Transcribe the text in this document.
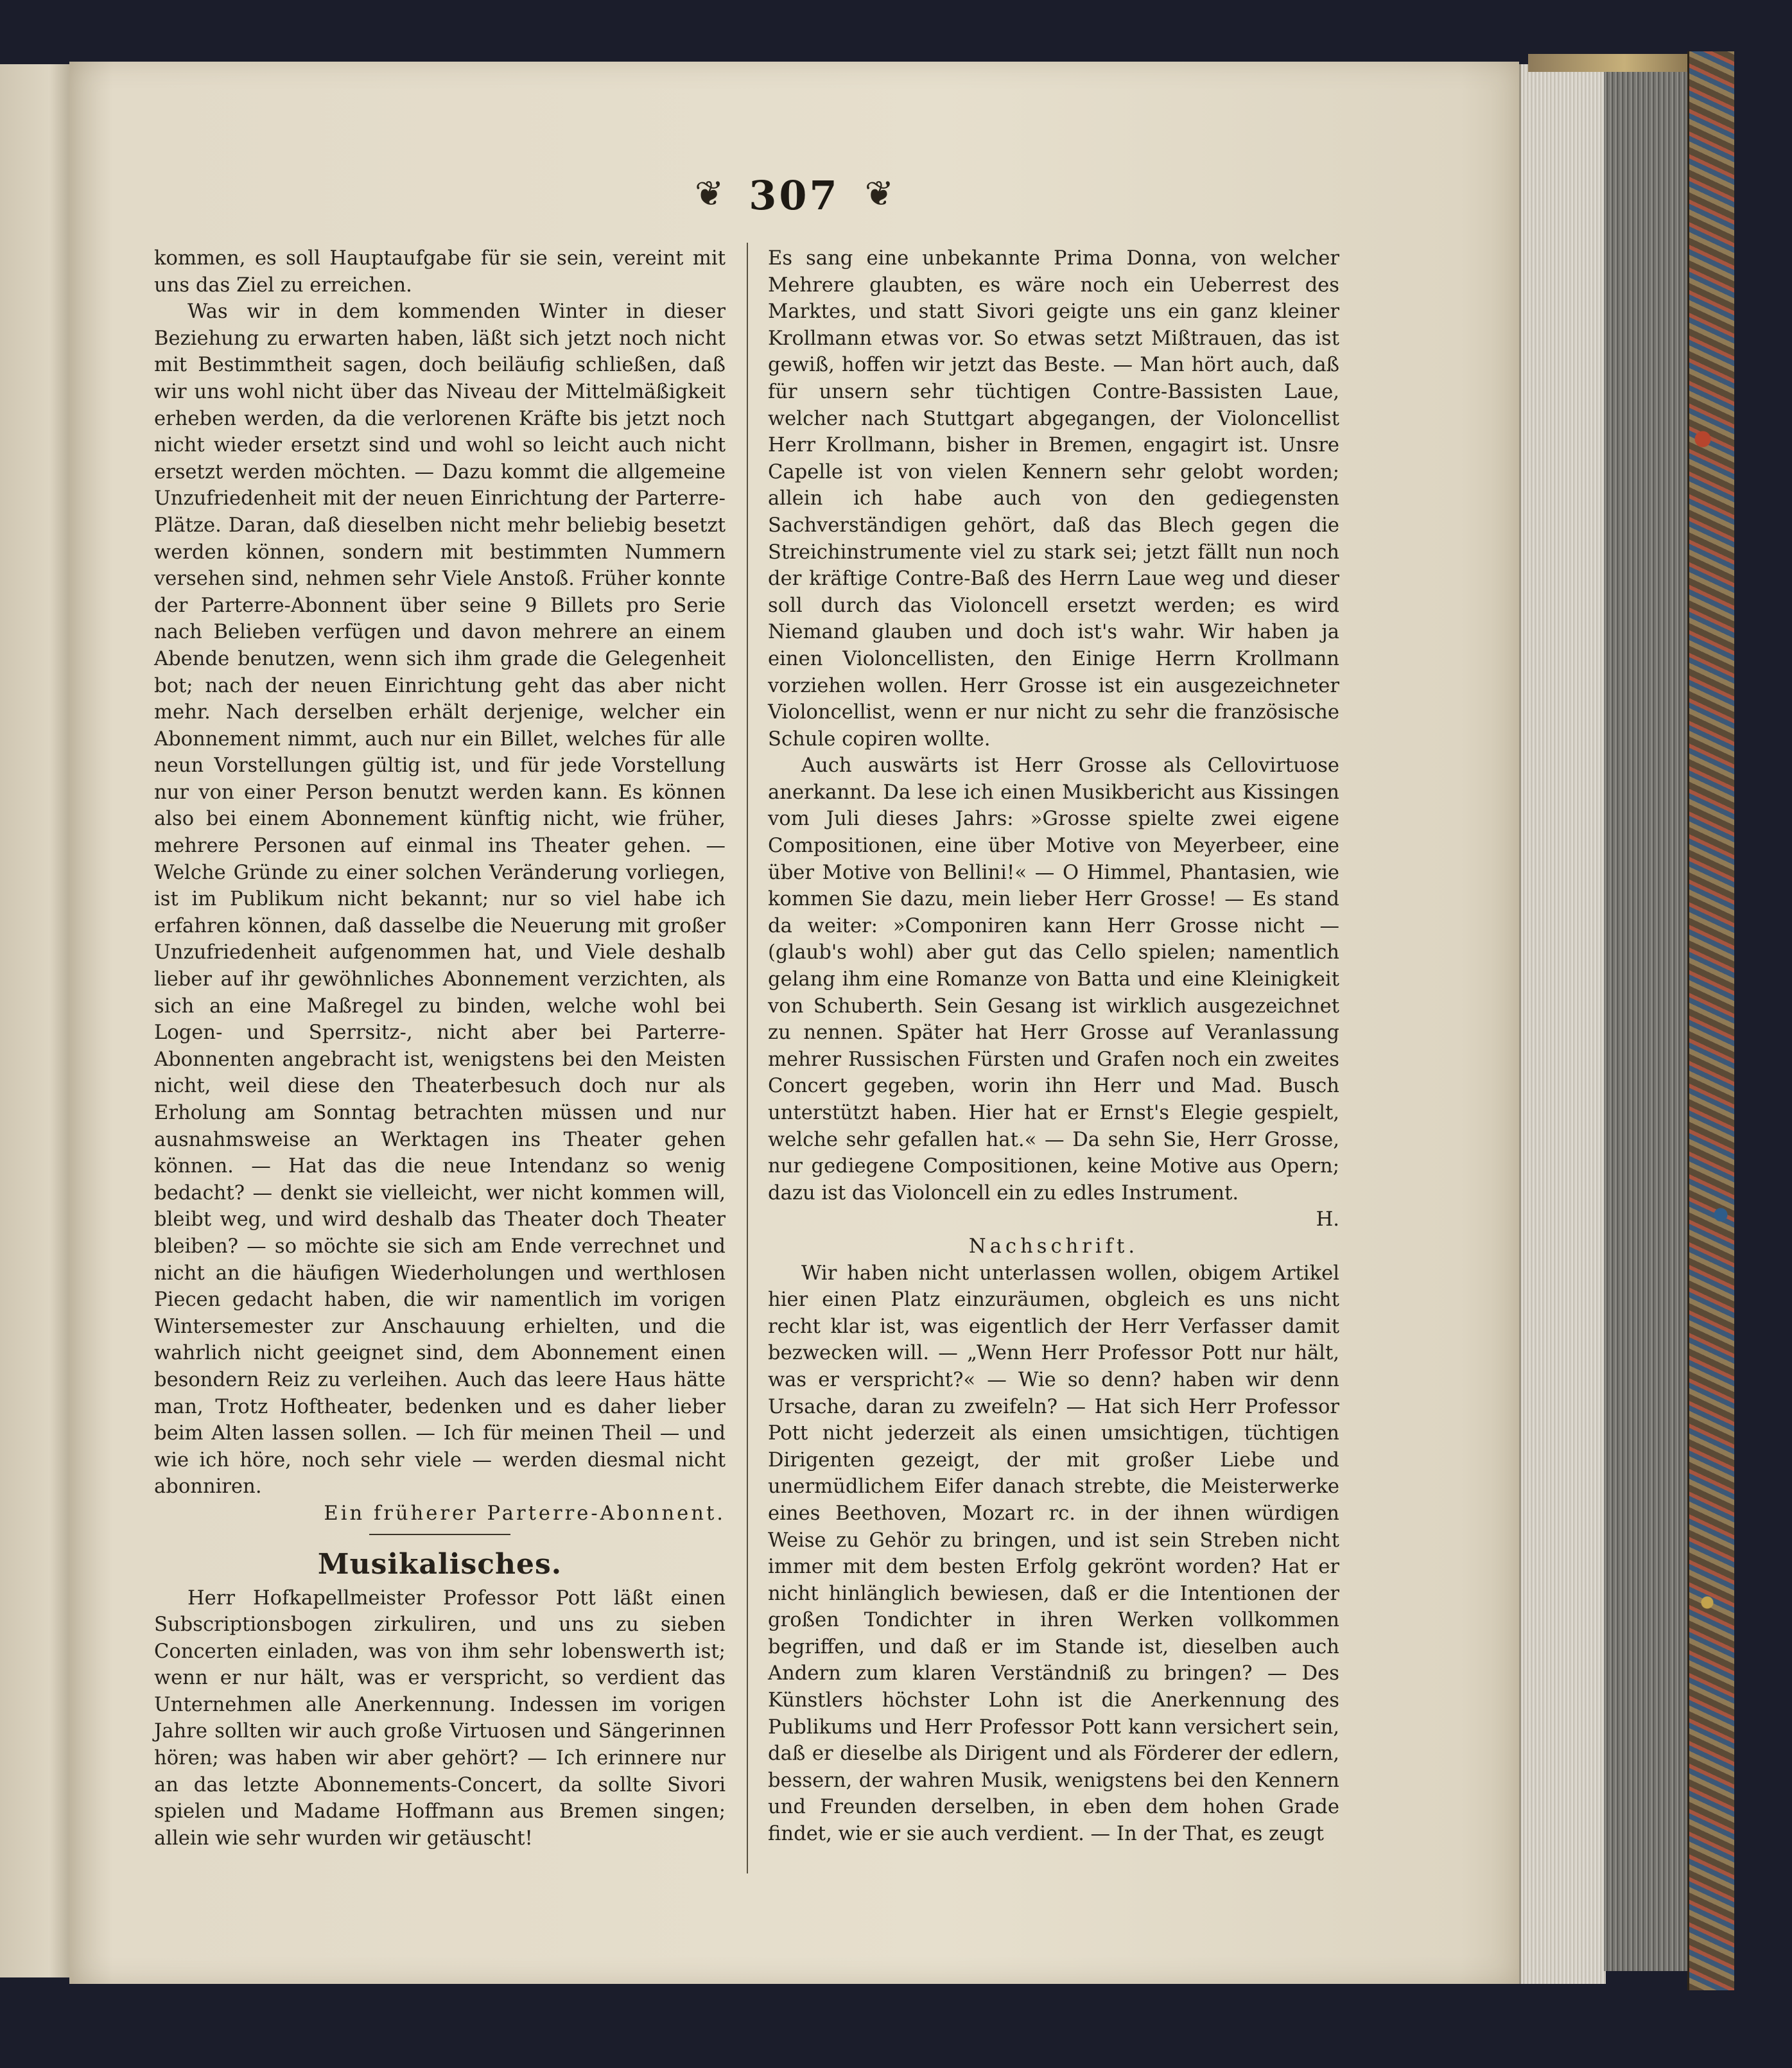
❦ 307 ❦

kommen, es soll Hauptaufgabe für sie sein, vereint mit uns das Ziel zu erreichen.

Was wir in dem kommenden Winter in dieser Beziehung zu erwarten haben, läßt sich jetzt noch nicht mit Bestimmtheit sagen, doch beiläufig schließen, daß wir uns wohl nicht über das Niveau der Mittelmäßigkeit erheben werden, da die verlorenen Kräfte bis jetzt noch nicht wieder ersetzt sind und wohl so leicht auch nicht ersetzt werden möchten. — Dazu kommt die allgemeine Unzufriedenheit mit der neuen Einrichtung der Parterre-Plätze. Daran, daß dieselben nicht mehr beliebig besetzt werden können, sondern mit bestimmten Nummern versehen sind, nehmen sehr Viele Anstoß. Früher konnte der Parterre-Abonnent über seine 9 Billets pro Serie nach Belieben verfügen und davon mehrere an einem Abende benutzen, wenn sich ihm grade die Gelegenheit bot; nach der neuen Einrichtung geht das aber nicht mehr. Nach derselben erhält derjenige, welcher ein Abonnement nimmt, auch nur ein Billet, welches für alle neun Vorstellungen gültig ist, und für jede Vorstellung nur von einer Person benutzt werden kann. Es können also bei einem Abonnement künftig nicht, wie früher, mehrere Personen auf einmal ins Theater gehen. — Welche Gründe zu einer solchen Veränderung vorliegen, ist im Publikum nicht bekannt; nur so viel habe ich erfahren können, daß dasselbe die Neuerung mit großer Unzufriedenheit aufgenommen hat, und Viele deshalb lieber auf ihr gewöhnliches Abonnement verzichten, als sich an eine Maßregel zu binden, welche wohl bei Logen- und Sperrsitz-, nicht aber bei Parterre-Abonnenten angebracht ist, wenigstens bei den Meisten nicht, weil diese den Theaterbesuch doch nur als Erholung am Sonntag betrachten müssen und nur ausnahmsweise an Werktagen ins Theater gehen können. — Hat das die neue Intendanz so wenig bedacht? — denkt sie vielleicht, wer nicht kommen will, bleibt weg, und wird deshalb das Theater doch Theater bleiben? — so möchte sie sich am Ende verrechnet und nicht an die häufigen Wiederholungen und werthlosen Piecen gedacht haben, die wir namentlich im vorigen Wintersemester zur Anschauung erhielten, und die wahrlich nicht geeignet sind, dem Abonnement einen besondern Reiz zu verleihen. Auch das leere Haus hätte man, Trotz Hoftheater, bedenken und es daher lieber beim Alten lassen sollen. — Ich für meinen Theil — und wie ich höre, noch sehr viele — werden diesmal nicht abonniren.

Ein früherer Parterre-Abonnent.

Musikalisches.

Herr Hofkapellmeister Professor Pott läßt einen Subscriptionsbogen zirkuliren, und uns zu sieben Concerten einladen, was von ihm sehr lobenswerth ist; wenn er nur hält, was er verspricht, so verdient das Unternehmen alle Anerkennung. Indessen im vorigen Jahre sollten wir auch große Virtuosen und Sängerinnen hören; was haben wir aber gehört? — Ich erinnere nur an das letzte Abonnements-Concert, da sollte Sivori spielen und Madame Hoffmann aus Bremen singen; allein wie sehr wurden wir getäuscht!

Es sang eine unbekannte Prima Donna, von welcher Mehrere glaubten, es wäre noch ein Ueberrest des Marktes, und statt Sivori geigte uns ein ganz kleiner Krollmann etwas vor. So etwas setzt Mißtrauen, das ist gewiß, hoffen wir jetzt das Beste. — Man hört auch, daß für unsern sehr tüchtigen Contre-Bassisten Laue, welcher nach Stuttgart abgegangen, der Violoncellist Herr Krollmann, bisher in Bremen, engagirt ist. Unsre Capelle ist von vielen Kennern sehr gelobt worden; allein ich habe auch von den gediegensten Sachverständigen gehört, daß das Blech gegen die Streichinstrumente viel zu stark sei; jetzt fällt nun noch der kräftige Contre-Baß des Herrn Laue weg und dieser soll durch das Violoncell ersetzt werden; es wird Niemand glauben und doch ist's wahr. Wir haben ja einen Violoncellisten, den Einige Herrn Krollmann vorziehen wollen. Herr Grosse ist ein ausgezeichneter Violoncellist, wenn er nur nicht zu sehr die französische Schule copiren wollte.

Auch auswärts ist Herr Grosse als Cellovirtuose anerkannt. Da lese ich einen Musikbericht aus Kissingen vom Juli dieses Jahrs: »Grosse spielte zwei eigene Compositionen, eine über Motive von Meyerbeer, eine über Motive von Bellini!« — O Himmel, Phantasien, wie kommen Sie dazu, mein lieber Herr Grosse! — Es stand da weiter: »Componiren kann Herr Grosse nicht — (glaub's wohl) aber gut das Cello spielen; namentlich gelang ihm eine Romanze von Batta und eine Kleinigkeit von Schuberth. Sein Gesang ist wirklich ausgezeichnet zu nennen. Später hat Herr Grosse auf Veranlassung mehrer Russischen Fürsten und Grafen noch ein zweites Concert gegeben, worin ihn Herr und Mad. Busch unterstützt haben. Hier hat er Ernst's Elegie gespielt, welche sehr gefallen hat.« — Da sehn Sie, Herr Grosse, nur gediegene Compositionen, keine Motive aus Opern; dazu ist das Violoncell ein zu edles Instrument.

H.

Nachschrift.

Wir haben nicht unterlassen wollen, obigem Artikel hier einen Platz einzuräumen, obgleich es uns nicht recht klar ist, was eigentlich der Herr Verfasser damit bezwecken will. — „Wenn Herr Professor Pott nur hält, was er verspricht?« — Wie so denn? haben wir denn Ursache, daran zu zweifeln? — Hat sich Herr Professor Pott nicht jederzeit als einen umsichtigen, tüchtigen Dirigenten gezeigt, der mit großer Liebe und unermüdlichem Eifer danach strebte, die Meisterwerke eines Beethoven, Mozart rc. in der ihnen würdigen Weise zu Gehör zu bringen, und ist sein Streben nicht immer mit dem besten Erfolg gekrönt worden? Hat er nicht hinlänglich bewiesen, daß er die Intentionen der großen Tondichter in ihren Werken vollkommen begriffen, und daß er im Stande ist, dieselben auch Andern zum klaren Verständniß zu bringen? — Des Künstlers höchster Lohn ist die Anerkennung des Publikums und Herr Professor Pott kann versichert sein, daß er dieselbe als Dirigent und als Förderer der edlern, bessern, der wahren Musik, wenigstens bei den Kennern und Freunden derselben, in eben dem hohen Grade findet, wie er sie auch verdient. — In der That, es zeugt
